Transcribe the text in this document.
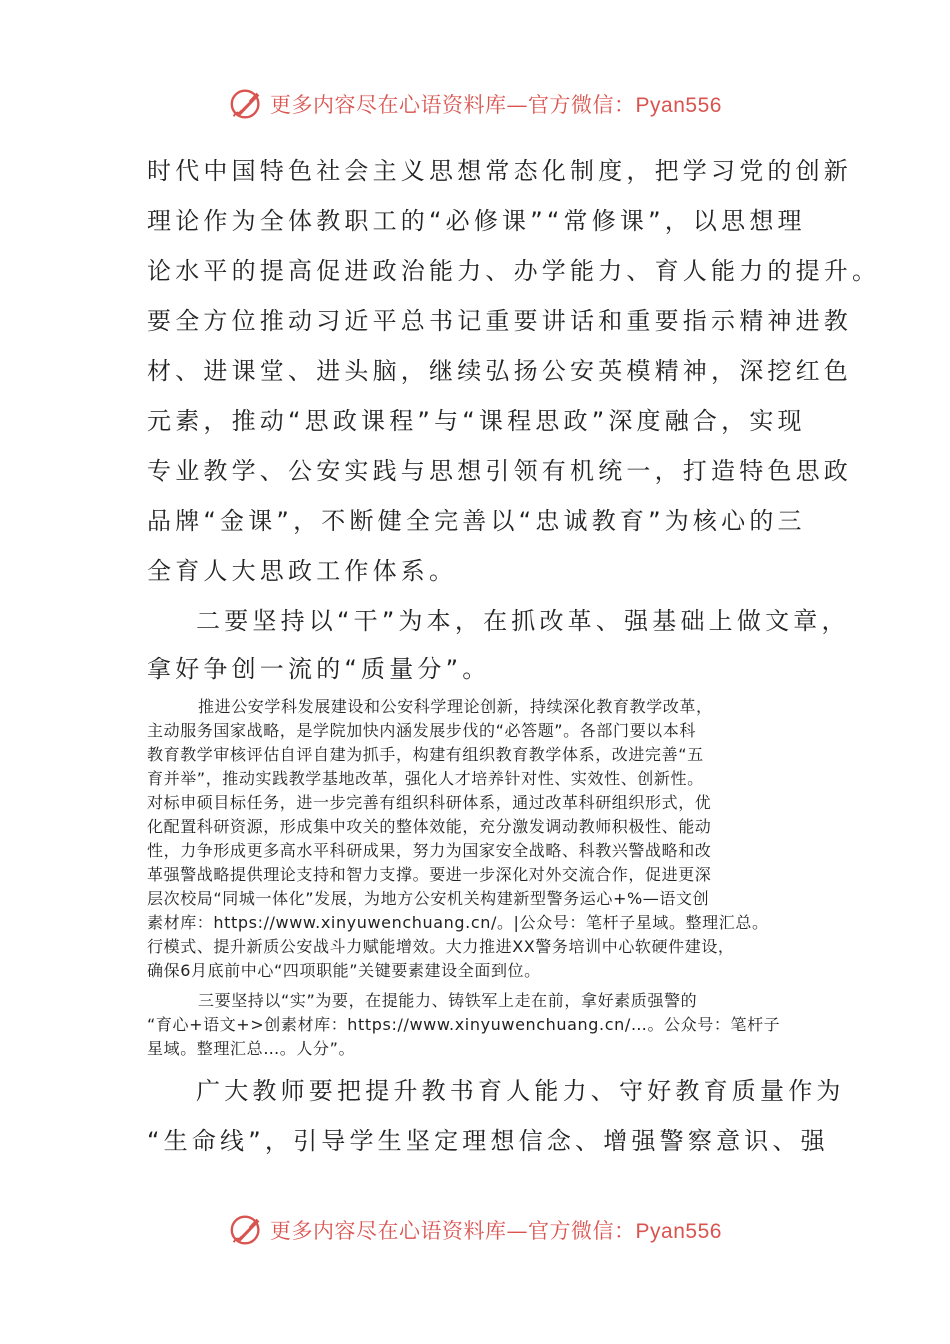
更多内容尽在心语资料库—官方微信：Pyan556
时代中国特色社会主义思想常态化制度，把学习党的创新
理论作为全体教职工的“必修课”“常修课”，以思想理
论水平的提高促进政治能力、办学能力、育人能力的提升。
要全方位推动习近平总书记重要讲话和重要指示精神进教
材、进课堂、进头脑，继续弘扬公安英模精神，深挖红色
元素，推动“思政课程”与“课程思政”深度融合，实现
专业教学、公安实践与思想引领有机统一，打造特色思政
品牌“金课”，不断健全完善以“忠诚教育”为核心的三
全育人大思政工作体系。
二要坚持以“干”为本，在抓改革、强基础上做文章，
拿好争创一流的“质量分”。
推进公安学科发展建设和公安科学理论创新，持续深化教育教学改革，
主动服务国家战略，是学院加快内涵发展步伐的“必答题”。各部门要以本科
教育教学审核评估自评自建为抓手，构建有组织教育教学体系，改进完善“五
育并举”，推动实践教学基地改革，强化人才培养针对性、实效性、创新性。
对标申硕目标任务，进一步完善有组织科研体系，通过改革科研组织形式，优
化配置科研资源，形成集中攻关的整体效能，充分激发调动教师积极性、能动
性，力争形成更多高水平科研成果，努力为国家安全战略、科教兴警战略和改
革强警战略提供理论支持和智力支撑。要进一步深化对外交流合作，促进更深
层次校局“同城一体化”发展，为地方公安机关构建新型警务运心+%—语文创
素材库：https://www.xinyuwenchuang.cn/。|公众号：笔杆子星域。整理汇总。
行模式、提升新质公安战斗力赋能增效。大力推进XX警务培训中心软硬件建设，
确保6月底前中心“四项职能”关键要素建设全面到位。
三要坚持以“实”为要，在提能力、铸铁军上走在前，拿好素质强警的
“育心+语文+>创素材库：https://www.xinyuwenchuang.cn/…。公众号：笔杆子
星域。整理汇总…。人分”。
广大教师要把提升教书育人能力、守好教育质量作为
“生命线”，引导学生坚定理想信念、增强警察意识、强
更多内容尽在心语资料库—官方微信：Pyan556
